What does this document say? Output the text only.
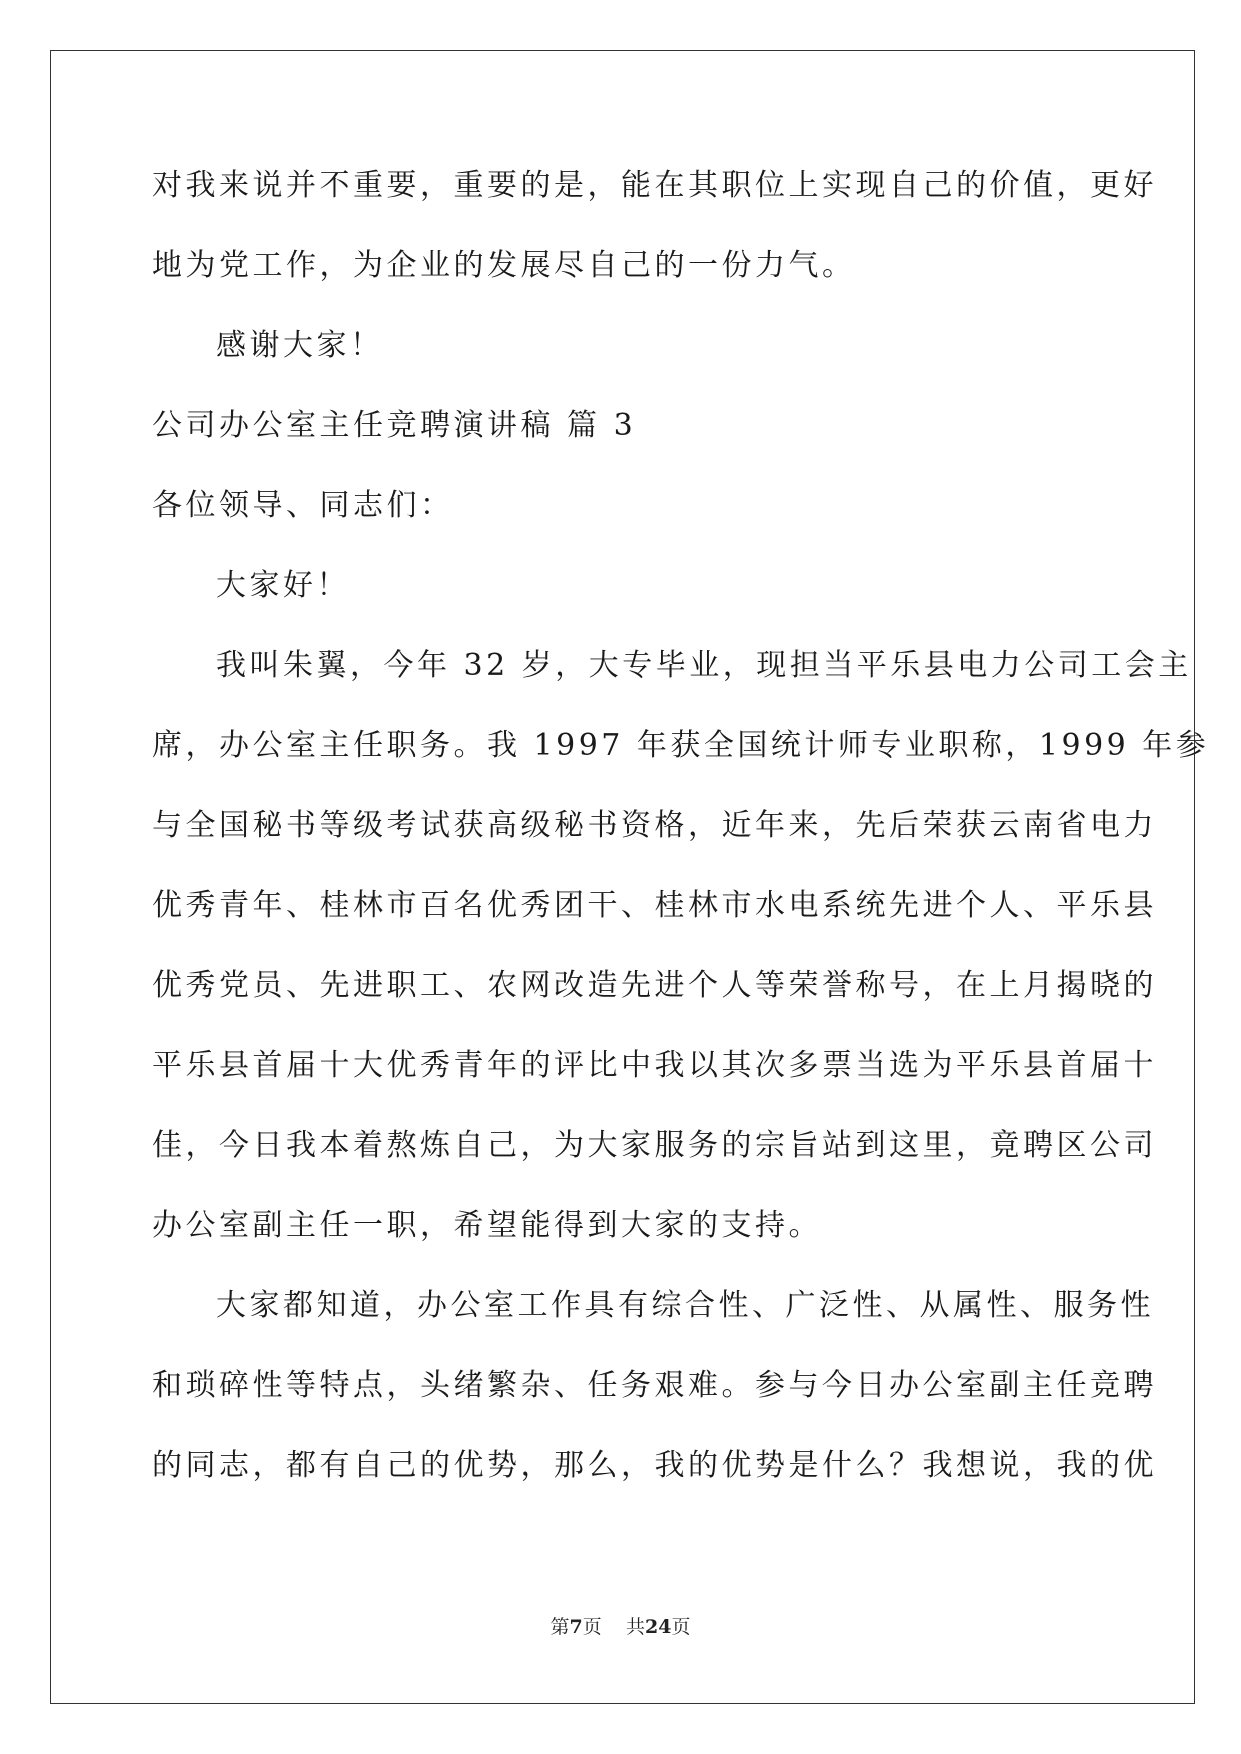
对我来说并不重要，重要的是，能在其职位上实现自己的价值，更好
地为党工作，为企业的发展尽自己的一份力气。
感谢大家！
公司办公室主任竞聘演讲稿 篇 3
各位领导、同志们：
大家好！
我叫朱翼，今年 32 岁，大专毕业，现担当平乐县电力公司工会主
席，办公室主任职务。我 1997 年获全国统计师专业职称，1999 年参
与全国秘书等级考试获高级秘书资格，近年来，先后荣获云南省电力
优秀青年、桂林市百名优秀团干、桂林市水电系统先进个人、平乐县
优秀党员、先进职工、农网改造先进个人等荣誉称号，在上月揭晓的
平乐县首届十大优秀青年的评比中我以其次多票当选为平乐县首届十
佳，今日我本着熬炼自己，为大家服务的宗旨站到这里，竟聘区公司
办公室副主任一职，希望能得到大家的支持。
大家都知道，办公室工作具有综合性、广泛性、从属性、服务性
和琐碎性等特点，头绪繁杂、任务艰难。参与今日办公室副主任竞聘
的同志，都有自己的优势，那么，我的优势是什么？我想说，我的优
第7页 共24页
